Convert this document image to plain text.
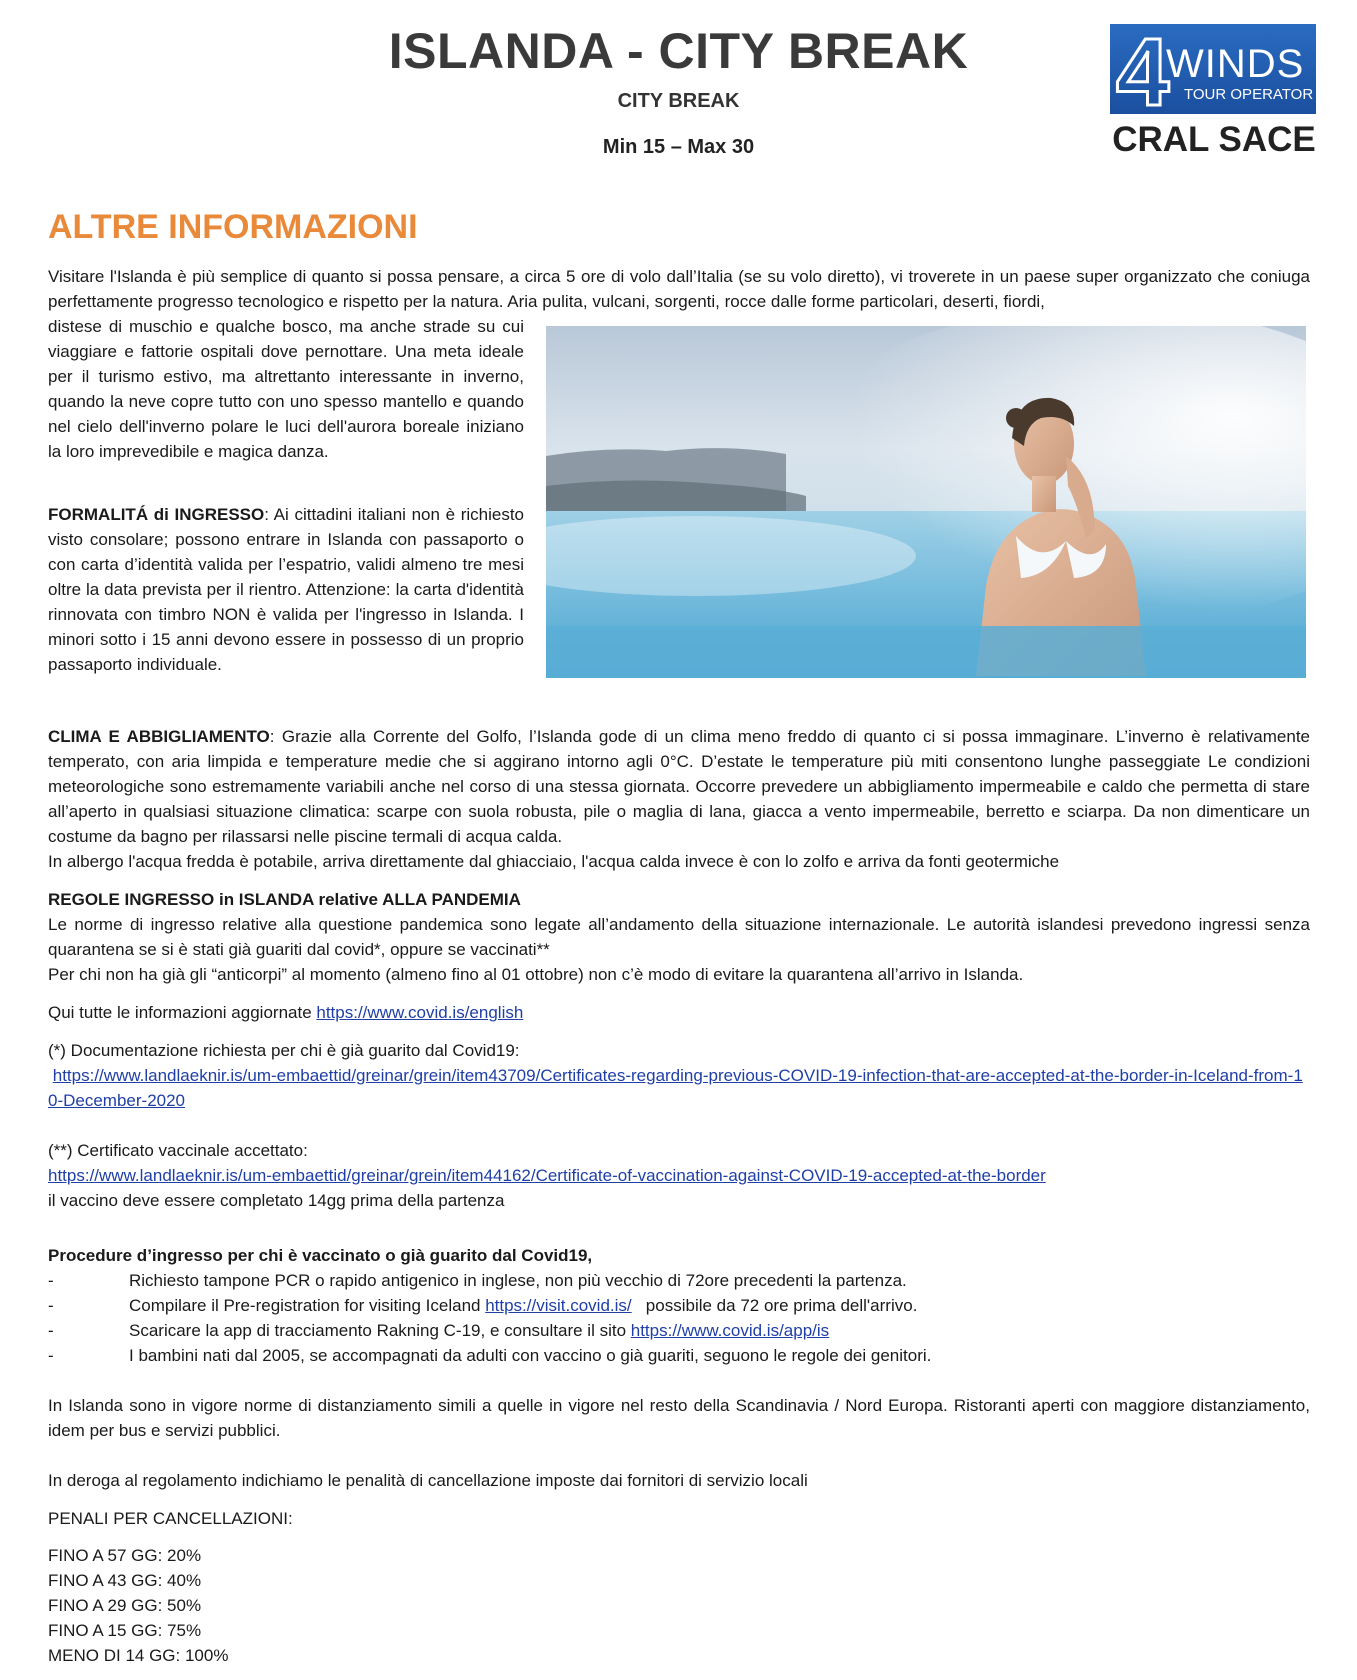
ISLANDA - CITY BREAK
CITY BREAK
Min 15 – Max 30
4
WINDS
TOUR OPERATOR
CRAL SACE
ALTRE INFORMAZIONI

Visitare l'Islanda è più semplice di quanto si possa pensare, a circa 5 ore di volo dall’Italia (se su volo diretto), vi troverete in un paese super organizzato che coniuga perfettamente progresso tecnologico e rispetto per la natura. Aria pulita, vulcani, sorgenti, rocce dalle forme particolari, deserti, fiordi,

distese di muschio e qualche bosco, ma anche strade su cui viaggiare e fattorie ospitali dove pernottare. Una meta ideale per il turismo estivo, ma altrettanto interessante in inverno, quando la neve copre tutto con uno spesso mantello e quando nel cielo dell'inverno polare le luci dell'aurora boreale iniziano la loro imprevedibile e magica danza.

FORMALITÁ di INGRESSO: Ai cittadini italiani non è richiesto visto consolare; possono entrare in Islanda con passaporto o con carta d’identità valida per l’espatrio, validi almeno tre mesi oltre la data prevista per il rientro. Attenzione: la carta d'identità rinnovata con timbro NON è valida per l'ingresso in Islanda. I minori sotto i 15 anni devono essere in possesso di un proprio passaporto individuale.

CLIMA E ABBIGLIAMENTO: Grazie alla Corrente del Golfo, l’Islanda gode di un clima meno freddo di quanto ci si possa immaginare. L’inverno è relativamente temperato, con aria limpida e temperature medie che si aggirano intorno agli 0°C. D’estate le temperature più miti consentono lunghe passeggiate Le condizioni meteorologiche sono estremamente variabili anche nel corso di una stessa giornata. Occorre prevedere un abbigliamento impermeabile e caldo che permetta di stare all’aperto in qualsiasi situazione climatica: scarpe con suola robusta, pile o maglia di lana, giacca a vento impermeabile, berretto e sciarpa. Da non dimenticare un costume da bagno per rilassarsi nelle piscine termali di acqua calda.

In albergo l'acqua fredda è potabile, arriva direttamente dal ghiacciaio, l'acqua calda invece è con lo zolfo e arriva da fonti geotermiche

REGOLE INGRESSO in ISLANDA relative ALLA PANDEMIA

Le norme di ingresso relative alla questione pandemica sono legate all’andamento della situazione internazionale. Le autorità islandesi prevedono ingressi senza quarantena se si è stati già guariti dal covid*, oppure se vaccinati**

Per chi non ha già gli “anticorpi” al momento (almeno fino al 01 ottobre) non c’è modo di evitare la quarantena all’arrivo in Islanda.

Qui tutte le informazioni aggiornate https://www.covid.is/english

(*) Documentazione richiesta per chi è già guarito dal Covid19:

https://www.landlaeknir.is/um-embaettid/greinar/grein/item43709/Certificates-regarding-previous-COVID-19-infection-that-are-accepted-at-the-border-in-Iceland-from-10-December-2020

(**) Certificato vaccinale accettato:

https://www.landlaeknir.is/um-embaettid/greinar/grein/item44162/Certificate-of-vaccination-against-COVID-19-accepted-at-the-border

il vaccino deve essere completato 14gg prima della partenza

Procedure d’ingresso per chi è vaccinato o già guarito dal Covid19,

-	Richiesto tampone PCR o rapido antigenico in inglese, non più vecchio di 72ore precedenti la partenza.
-	Compilare il Pre-registration for visiting Iceland https://visit.covid.is/   possibile da 72 ore prima dell'arrivo.
-	Scaricare la app di tracciamento Rakning C-19, e consultare il sito https://www.covid.is/app/is
-	I bambini nati dal 2005, se accompagnati da adulti con vaccino o già guariti, seguono le regole dei genitori.

In Islanda sono in vigore norme di distanziamento simili a quelle in vigore nel resto della Scandinavia / Nord Europa. Ristoranti aperti con maggiore distanziamento, idem per bus e servizi pubblici.

In deroga al regolamento indichiamo le penalità di cancellazione imposte dai fornitori di servizio locali

PENALI PER CANCELLAZIONI:

FINO A 57 GG: 20%
FINO A 43 GG: 40%
FINO A 29 GG: 50%
FINO A 15 GG: 75%
MENO DI 14 GG: 100%
